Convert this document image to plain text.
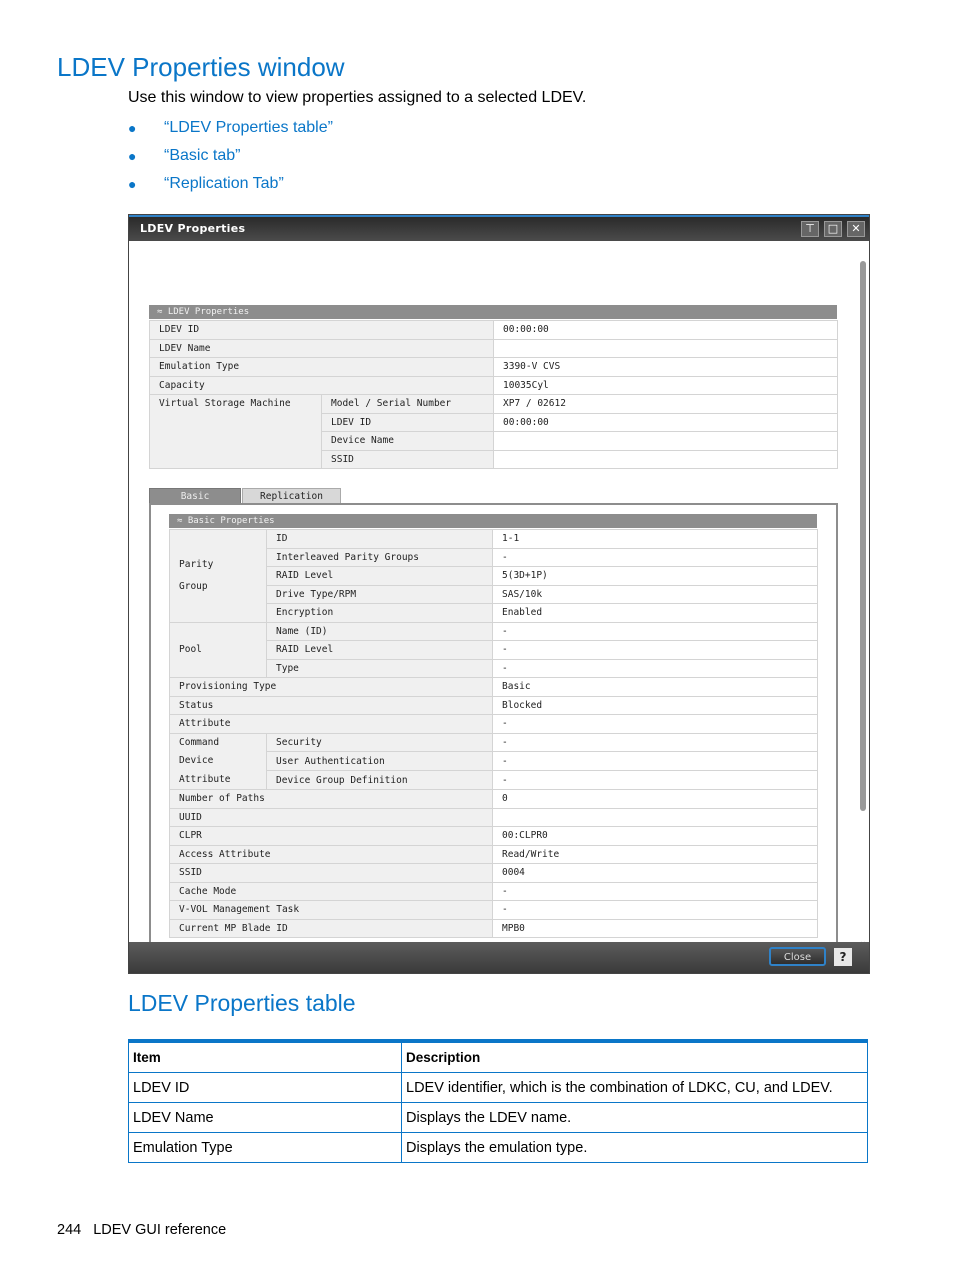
LDEV Properties window

Use this window to view properties assigned to a selected LDEV.

● “LDEV Properties table”
● “Basic tab”
● “Replication Tab”
LDEV Properties	⊤	□	✕
≈ LDEV Properties
LDEV ID		00:00:00
LDEV Name		
Emulation Type		3390-V CVS
Capacity		10035Cyl
Virtual Storage Machine	Model / Serial Number	XP7 / 02612
	LDEV ID	00:00:00
	Device Name	
	SSID	
Basic	Replication
≈ Basic Properties
Parity

Group	ID	1-1
	Interleaved Parity Groups	-
	RAID Level	5(3D+1P)
	Drive Type/RPM	SAS/10k
	Encryption	Enabled
Pool	Name (ID)	-
	RAID Level	-
	Type	-
Provisioning Type		Basic
Status		Blocked
Attribute		-
Command
Device
Attribute	Security	-
	User Authentication	-
	Device Group Definition	-
Number of Paths		0
UUID		
CLPR		00:CLPR0
Access Attribute		Read/Write
SSID		0004
Cache Mode		-
V-VOL Management Task		-
Current MP Blade ID		MPB0
Close	?
LDEV Properties table
Item	Description
LDEV ID	LDEV identifier, which is the combination of LDKC, CU, and LDEV.
LDEV Name	Displays the LDEV name.
Emulation Type	Displays the emulation type.
244 LDEV GUI reference
